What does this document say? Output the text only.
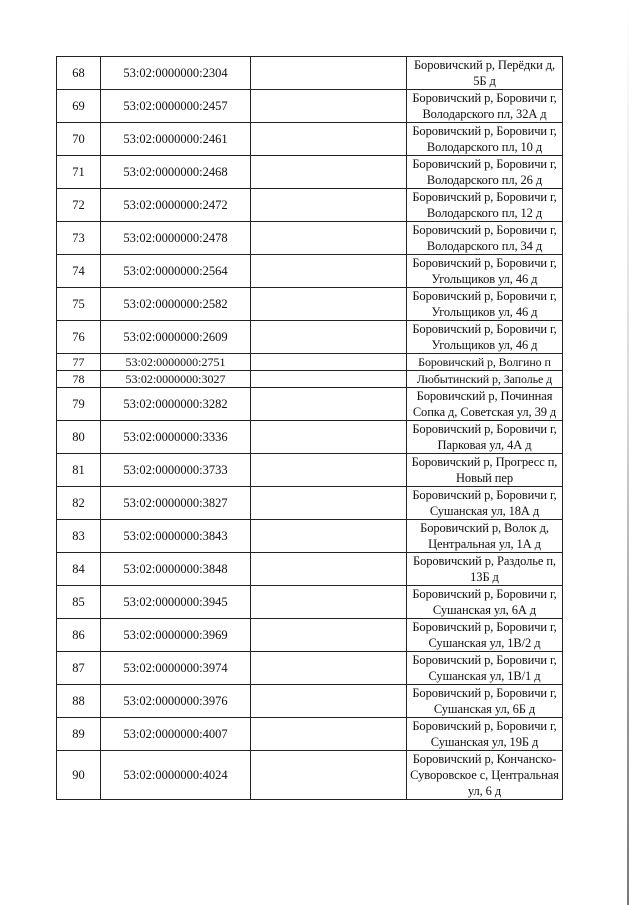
68	53:02:0000000:2304		Боровичский р, Перёдки д, 5Б д
69	53:02:0000000:2457		Боровичский р, Боровичи г, Володарского пл, 32А д
70	53:02:0000000:2461		Боровичский р, Боровичи г, Володарского пл, 10 д
71	53:02:0000000:2468		Боровичский р, Боровичи г, Володарского пл, 26 д
72	53:02:0000000:2472		Боровичский р, Боровичи г, Володарского пл, 12 д
73	53:02:0000000:2478		Боровичский р, Боровичи г, Володарского пл, 34 д
74	53:02:0000000:2564		Боровичский р, Боровичи г, Угольщиков ул, 46 д
75	53:02:0000000:2582		Боровичский р, Боровичи г, Угольщиков ул, 46 д
76	53:02:0000000:2609		Боровичский р, Боровичи г, Угольщиков ул, 46 д
77	53:02:0000000:2751		Боровичский р, Волгино п
78	53:02:0000000:3027		Любытинский р, Заполье д
79	53:02:0000000:3282		Боровичский р, Починная Сопка д, Советская ул, 39 д
80	53:02:0000000:3336		Боровичский р, Боровичи г, Парковая ул, 4А д
81	53:02:0000000:3733		Боровичский р, Прогресс п, Новый пер
82	53:02:0000000:3827		Боровичский р, Боровичи г, Сушанская ул, 18А д
83	53:02:0000000:3843		Боровичский р, Волок д, Центральная ул, 1А д
84	53:02:0000000:3848		Боровичский р, Раздолье п, 13Б д
85	53:02:0000000:3945		Боровичский р, Боровичи г, Сушанская ул, 6А д
86	53:02:0000000:3969		Боровичский р, Боровичи г, Сушанская ул, 1В/2 д
87	53:02:0000000:3974		Боровичский р, Боровичи г, Сушанская ул, 1В/1 д
88	53:02:0000000:3976		Боровичский р, Боровичи г, Сушанская ул, 6Б д
89	53:02:0000000:4007		Боровичский р, Боровичи г, Сушанская ул, 19Б д
90	53:02:0000000:4024		Боровичский р, Кончанско-Суворовское с, Центральная ул, 6 д
